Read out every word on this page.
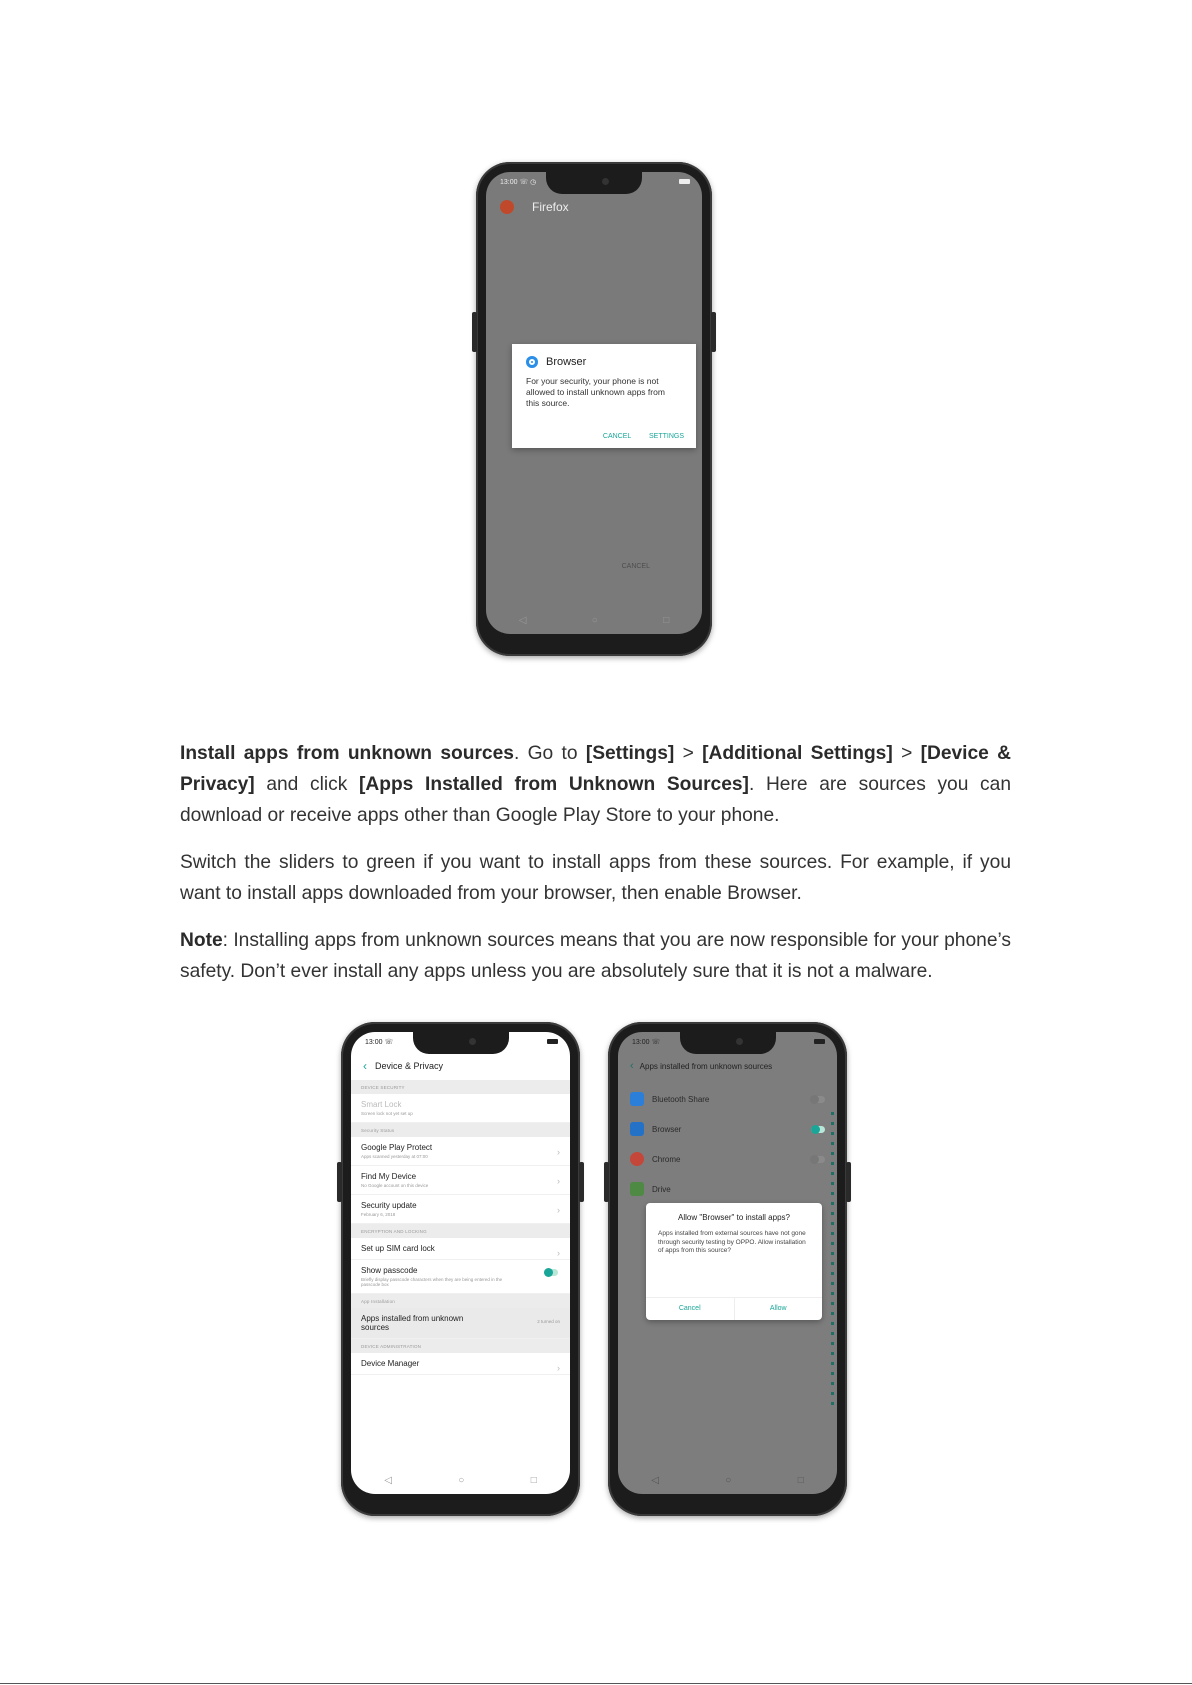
13:00 ☏ ◷
Firefox
Browser
For your security, your phone is not allowed to install unknown apps from this source.
CANCEL	SETTINGS
CANCEL
◁	○	□

Install apps from unknown sources. Go to [Settings] > [Additional Settings] > [Device & Privacy] and click [Apps Installed from Unknown Sources]. Here are sources you can download or receive apps other than Google Play Store to your phone.

Switch the sliders to green if you want to install apps from these sources. For example, if you want to install apps downloaded from your browser, then enable Browser.

Note: Installing apps from unknown sources means that you are now responsible for your phone’s safety. Don’t ever install any apps unless you are absolutely sure that it is not a malware.

13:00 ☏
‹ Device & Privacy
DEVICE SECURITY
Smart Lock
Screen lock not yet set up
Security Status
Google Play Protect
Apps scanned yesterday at 07:00	›
Find My Device
No Google account on this device	›
Security update
February 6, 2018	›
ENCRYPTION AND LOCKING
Set up SIM card lock	›
Show passcode
Briefly display passcode characters when they are being entered in the passcode box
App Installation
Apps installed from unknown sources
2 turned on
DEVICE ADMINISTRATION
Device Manager	›
◁	○	□
13:00 ☏
‹ Apps installed from unknown sources
Bluetooth Share
Browser
Chrome
Drive
Allow "Browser" to install apps?
Apps installed from external sources have not gone through security testing by OPPO. Allow installation of apps from this source?
Cancel	Allow
◁	○	□
